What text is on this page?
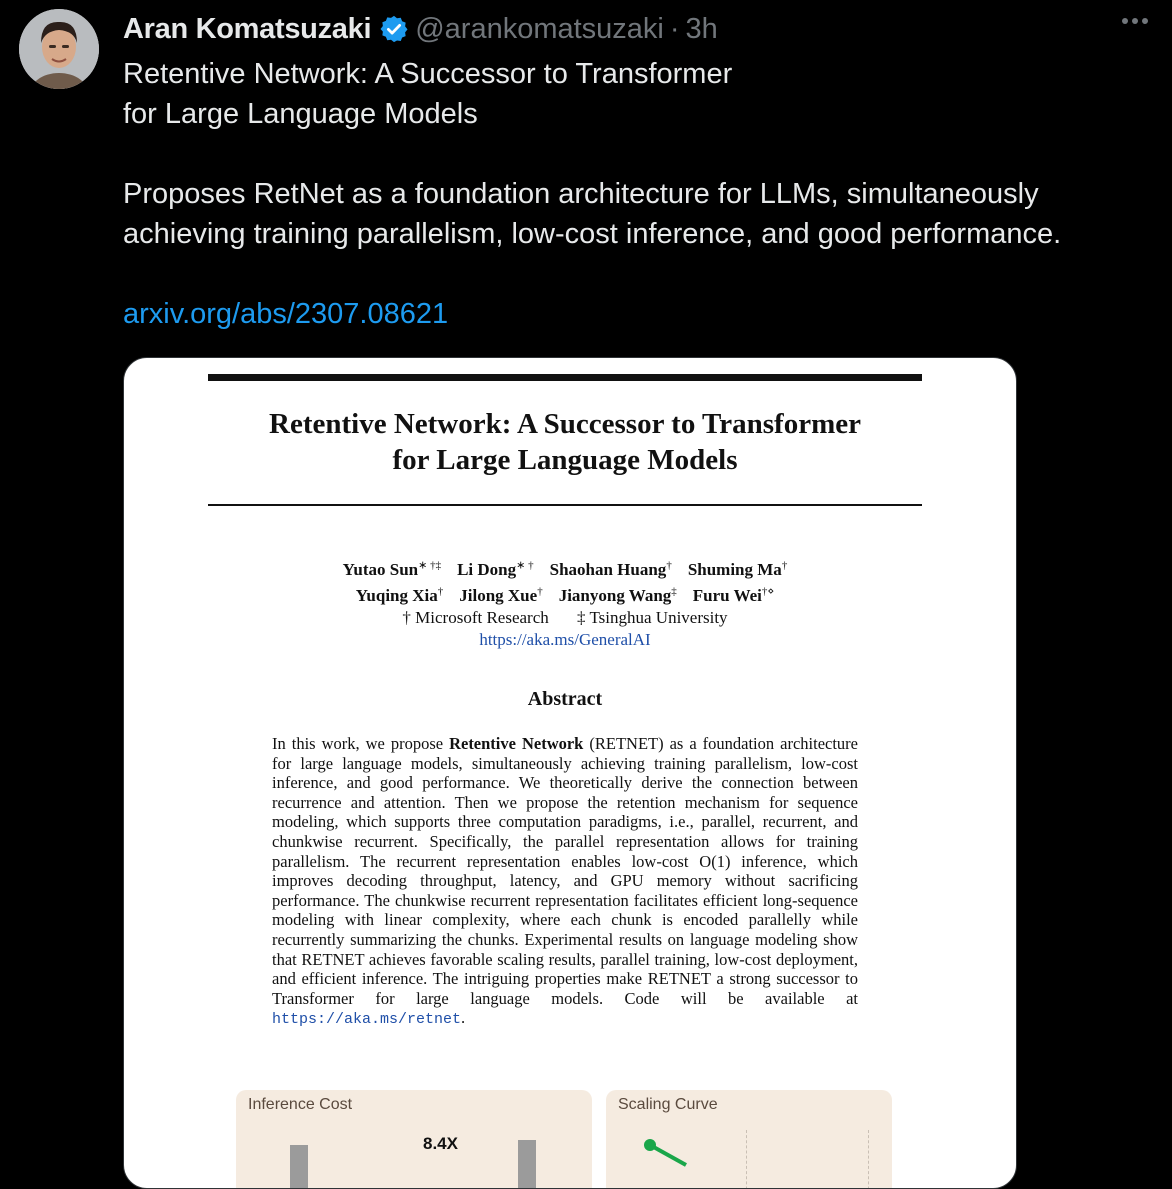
Aran Komatsuzaki @arankomatsuzaki · 3h

Retentive Network: A Successor to Transformer

for Large Language Models

Proposes RetNet as a foundation architecture for LLMs, simultaneously achieving training parallelism, low-cost inference, and good performance.

arxiv.org/abs/2307.08621

Retentive Network: A Successor to Transformer
for Large Language Models
Yutao Sun∗ †‡ Li Dong∗ † Shaohan Huang† Shuming Ma†
Yuqing Xia† Jilong Xue† Jianyong Wang‡ Furu Wei†⋄
† Microsoft Research ‡ Tsinghua University
https://aka.ms/GeneralAI
Abstract
In this work, we propose Retentive Network (RETNET) as a foundation architecture for large language models, simultaneously achieving training parallelism, low-cost inference, and good performance. We theoretically derive the connection between recurrence and attention. Then we propose the retention mechanism for sequence modeling, which supports three computation paradigms, i.e., parallel, recurrent, and chunkwise recurrent. Specifically, the parallel representation allows for training parallelism. The recurrent representation enables low-cost O(1) inference, which improves decoding throughput, latency, and GPU memory without sacrificing performance. The chunkwise recurrent representation facilitates efficient long-sequence modeling with linear complexity, where each chunk is encoded parallelly while recurrently summarizing the chunks. Experimental results on language modeling show that RETNET achieves favorable scaling results, parallel training, low-cost deployment, and efficient inference. The intriguing properties make RETNET a strong successor to Transformer for large language models. Code will be available at https://aka.ms/retnet.
Inference Cost
8.4X
Scaling Curve
